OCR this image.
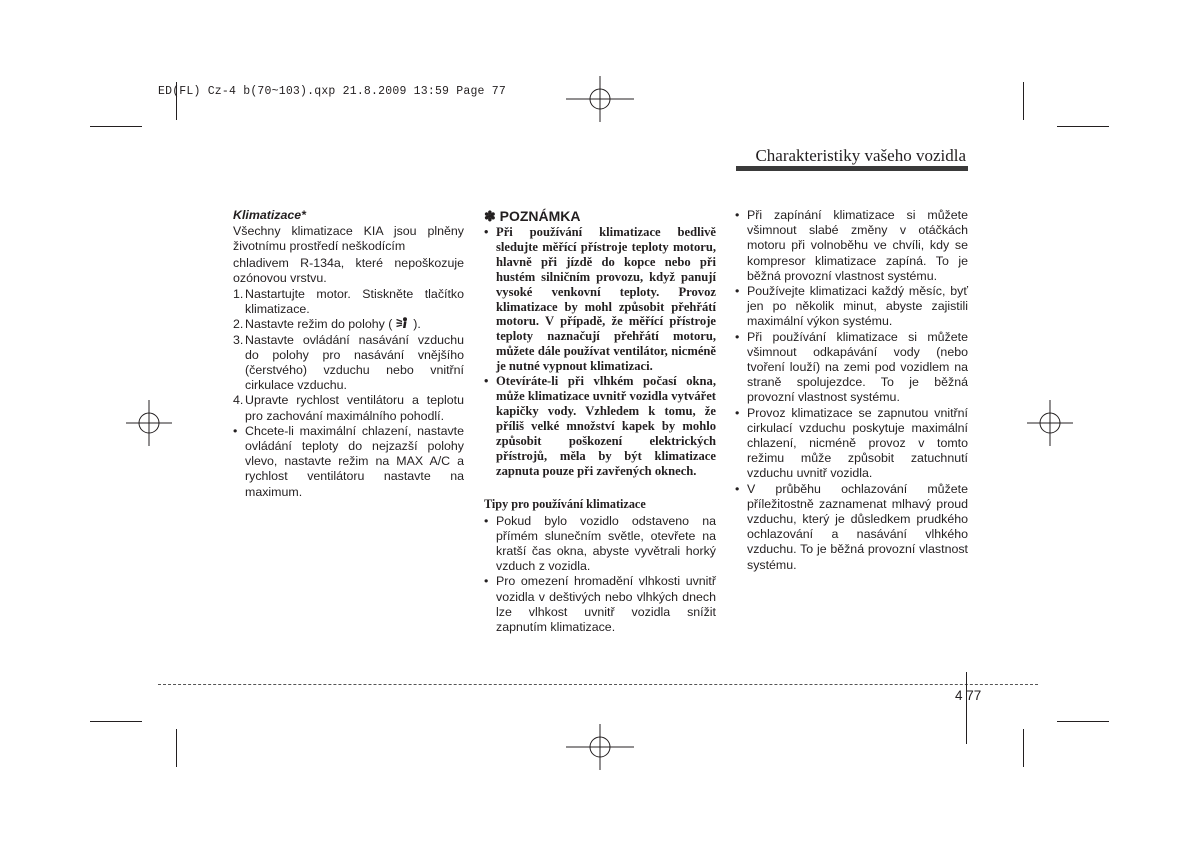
ED(FL) Cz-4 b(70~103).qxp 21.8.2009 13:59 Page 77
Charakteristiky vašeho vozidla
Klimatizace*

Všechny klimatizace KIA jsou plněny životnímu prostředí neškodícím

chladivem R-134a, které nepoškozuje ozónovou vrstvu.

1. Nastartujte motor. Stiskněte tlačítko klimatizace.
2. Nastavte režim do polohy ( ).
3. Nastavte ovládání nasávání vzduchu do polohy pro nasávání vnějšího (čerstvého) vzduchu nebo vnitřní cirkulace vzduchu.
4. Upravte rychlost ventilátoru a teplotu pro zachování maximálního pohodlí.
• Chcete-li maximální chlazení, nastavte ovládání teploty do nejzazší polohy vlevo, nastavte režim na MAX A/C a rychlost ventilátoru nastavte na maximum.
✽ POZNÁMKA
• Při používání klimatizace bedlivě sledujte měřící přístroje teploty motoru, hlavně při jízdě do kopce nebo při hustém silničním provozu, když panují vysoké venkovní teploty. Provoz klimatizace by mohl způsobit přehřátí motoru. V případě, že měřící přístroje teploty naznačují přehřátí motoru, můžete dále používat ventilátor, nicméně je nutné vypnout klimatizaci.
• Otevíráte-li při vlhkém počasí okna, může klimatizace uvnitř vozidla vytvářet kapičky vody. Vzhledem k tomu, že příliš velké množství kapek by mohlo způsobit poškození elektrických přístrojů, měla by být klimatizace zapnuta pouze při zavřených oknech.
Tipy pro používání klimatizace
• Pokud bylo vozidlo odstaveno na přímém slunečním světle, otevřete na kratší čas okna, abyste vyvětrali horký vzduch z vozidla.
• Pro omezení hromadění vlhkosti uvnitř vozidla v deštivých nebo vlhkých dnech lze vlhkost uvnitř vozidla snížit zapnutím klimatizace.
• Při zapínání klimatizace si můžete všimnout slabé změny v otáčkách motoru při volnoběhu ve chvíli, kdy se kompresor klimatizace zapíná. To je běžná provozní vlastnost systému.
• Používejte klimatizaci každý měsíc, byť jen po několik minut, abyste zajistili maximální výkon systému.
• Při používání klimatizace si můžete všimnout odkapávání vody (nebo tvoření louží) na zemi pod vozidlem na straně spolujezdce. To je běžná provozní vlastnost systému.
• Provoz klimatizace se zapnutou vnitřní cirkulací vzduchu poskytuje maximální chlazení, nicméně provoz v tomto režimu může způsobit zatuchnutí vzduchu uvnitř vozidla.
• V průběhu ochlazování můžete příležitostně zaznamenat mlhavý proud vzduchu, který je důsledkem prudkého ochlazování a nasávání vlhkého vzduchu. To je běžná provozní vlastnost systému.
4 77
